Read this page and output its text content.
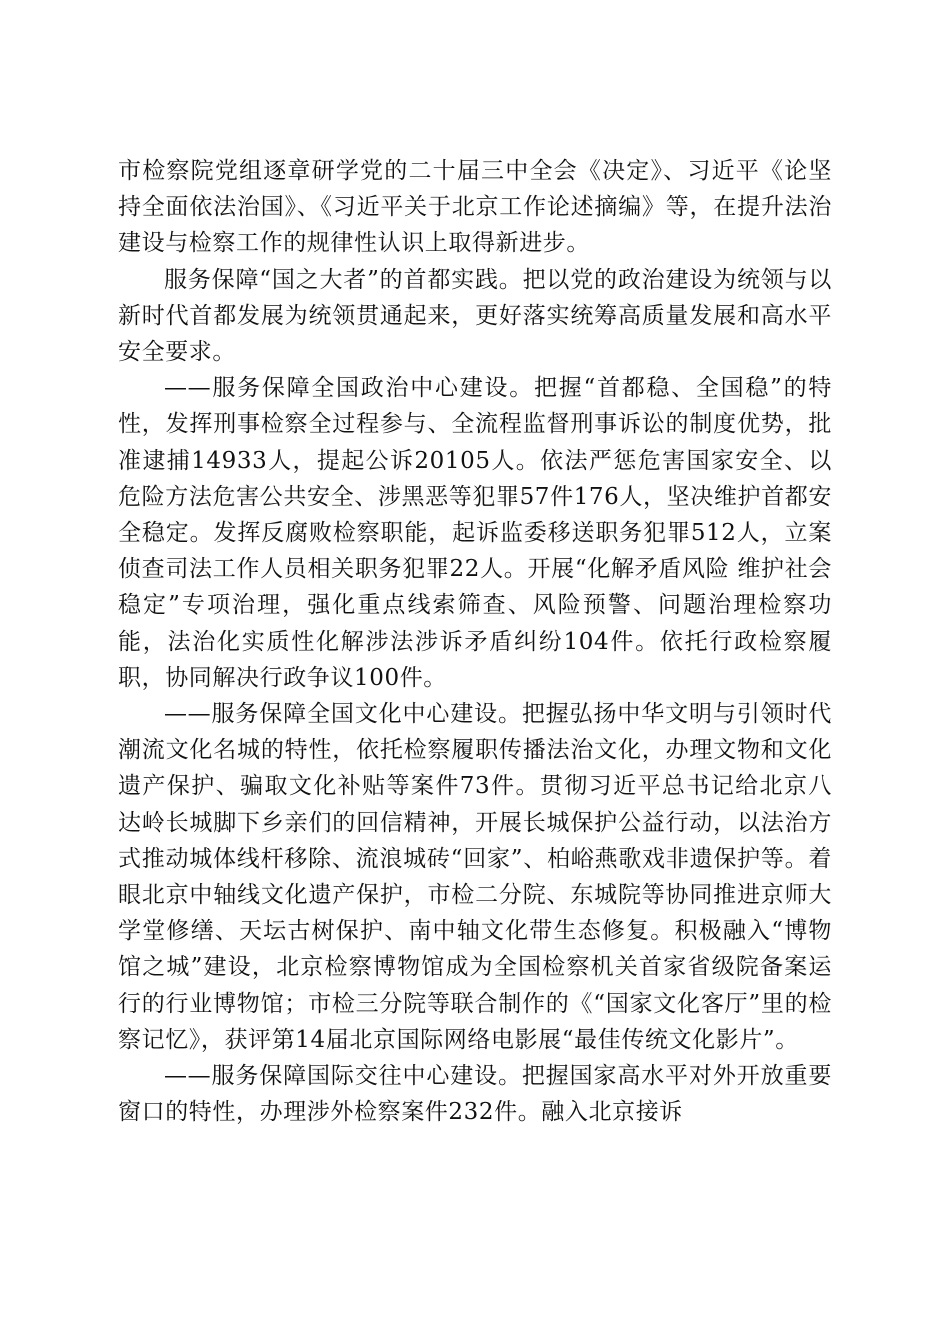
市检察院党组逐章研学党的二十届三中全会《决定》、习近平《论坚持全面依法治国》、《习近平关于北京工作论述摘编》等，在提升法治建设与检察工作的规律性认识上取得新进步。

服务保障“国之大者”的首都实践。把以党的政治建设为统领与以新时代首都发展为统领贯通起来，更好落实统筹高质量发展和高水平安全要求。

——服务保障全国政治中心建设。把握“首都稳、全国稳”的特性，发挥刑事检察全过程参与、全流程监督刑事诉讼的制度优势，批准逮捕14933人，提起公诉20105人。依法严惩危害国家安全、以危险方法危害公共安全、涉黑恶等犯罪57件176人，坚决维护首都安全稳定。发挥反腐败检察职能，起诉监委移送职务犯罪512人，立案侦查司法工作人员相关职务犯罪22人。开展“化解矛盾风险 维护社会稳定”专项治理，强化重点线索筛查、风险预警、问题治理检察功能，法治化实质性化解涉法涉诉矛盾纠纷104件。依托行政检察履职，协同解决行政争议100件。

——服务保障全国文化中心建设。把握弘扬中华文明与引领时代潮流文化名城的特性，依托检察履职传播法治文化，办理文物和文化遗产保护、骗取文化补贴等案件73件。贯彻习近平总书记给北京八达岭长城脚下乡亲们的回信精神，开展长城保护公益行动，以法治方式推动城体线杆移除、流浪城砖“回家”、柏峪燕歌戏非遗保护等。着眼北京中轴线文化遗产保护，市检二分院、东城院等协同推进京师大学堂修缮、天坛古树保护、南中轴文化带生态修复。积极融入“博物馆之城”建设，北京检察博物馆成为全国检察机关首家省级院备案运行的行业博物馆；市检三分院等联合制作的《“国家文化客厅”里的检察记忆》，获评第14届北京国际网络电影展“最佳传统文化影片”。

——服务保障国际交往中心建设。把握国家高水平对外开放重要窗口的特性，办理涉外检察案件232件。融入北京接诉
